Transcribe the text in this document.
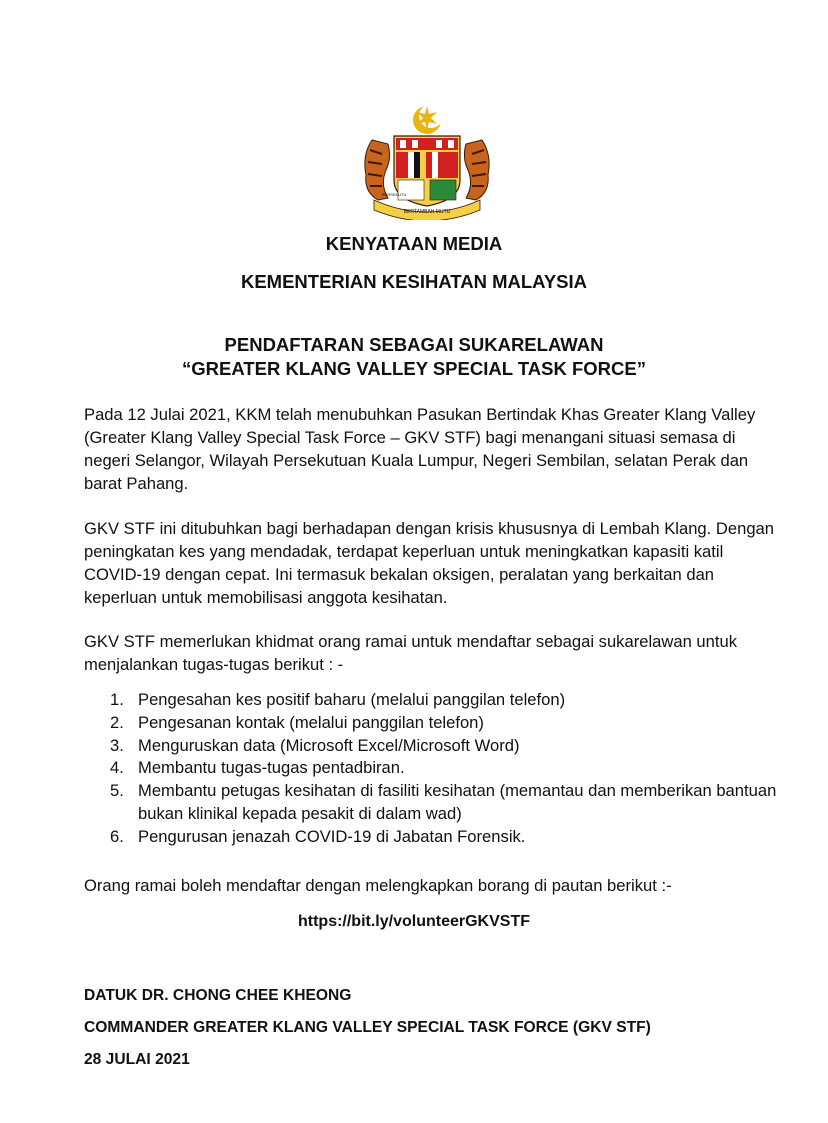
BERTAMBAH MUTU
BERSEKUTU
KENYATAAN MEDIA
KEMENTERIAN KESIHATAN MALAYSIA
PENDAFTARAN SEBAGAI SUKARELAWAN
“GREATER KLANG VALLEY SPECIAL TASK FORCE”

Pada 12 Julai 2021, KKM telah menubuhkan Pasukan Bertindak Khas Greater Klang Valley (Greater Klang Valley Special Task Force – GKV STF) bagi menangani situasi semasa di negeri Selangor, Wilayah Persekutuan Kuala Lumpur, Negeri Sembilan, selatan Perak dan barat Pahang.

GKV STF ini ditubuhkan bagi berhadapan dengan krisis khususnya di Lembah Klang. Dengan peningkatan kes yang mendadak, terdapat keperluan untuk meningkatkan kapasiti katil COVID-19 dengan cepat. Ini termasuk bekalan oksigen, peralatan yang berkaitan dan keperluan untuk memobilisasi anggota kesihatan.

GKV STF memerlukan khidmat orang ramai untuk mendaftar sebagai sukarelawan untuk menjalankan tugas-tugas berikut : -

1. Pengesahan kes positif baharu (melalui panggilan telefon)
2. Pengesanan kontak (melalui panggilan telefon)
3. Menguruskan data (Microsoft Excel/Microsoft Word)
4. Membantu tugas-tugas pentadbiran.
5. Membantu petugas kesihatan di fasiliti kesihatan (memantau dan memberikan bantuan bukan klinikal kepada pesakit di dalam wad)
6. Pengurusan jenazah COVID-19 di Jabatan Forensik.

Orang ramai boleh mendaftar dengan melengkapkan borang di pautan berikut :-

https://bit.ly/volunteerGKVSTF
DATUK DR. CHONG CHEE KHEONG
COMMANDER GREATER KLANG VALLEY SPECIAL TASK FORCE (GKV STF)
28 JULAI 2021
